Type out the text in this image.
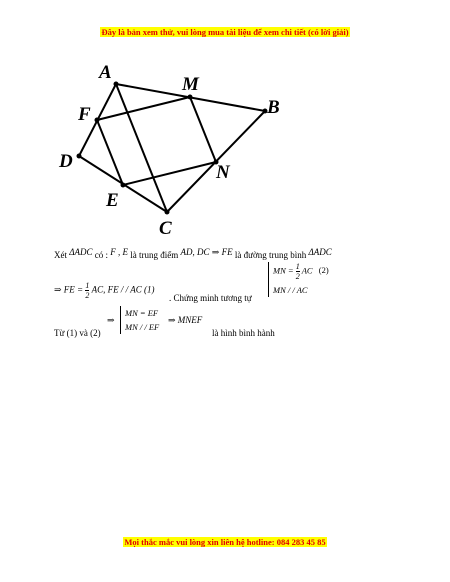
Đây là bản xem thử, vui lòng mua tài liệu để xem chi tiết (có lời giải)
A
M
B
F
D
N
E
C
Xét ΔADC có : F , E là trung điểm AD, DC ⇒ FE là đường trung bình ΔADC
⇒ FE = $\frac{1}{2}$ AC, FE / / AC (1)
. Chứng minh tương tự
MN = $\frac{1}{2}$ AC (2)
MN / / AC
Từ (1) và (2)
⇒
MN = EF
MN / / EF
⇒ MNEF
là hình bình hành
Mọi thắc mắc vui lòng xin liên hệ hotline: 084 283 45 85
